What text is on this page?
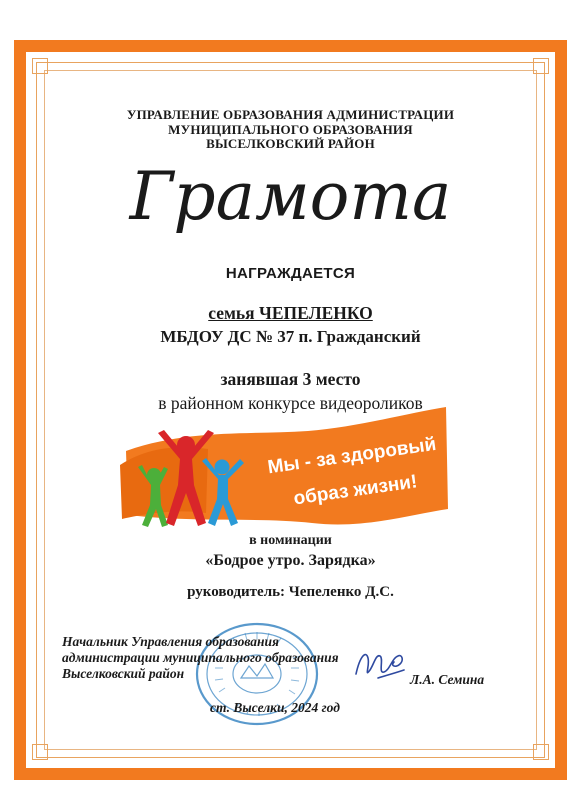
УПРАВЛЕНИЕ ОБРАЗОВАНИЯ АДМИНИСТРАЦИИ
МУНИЦИПАЛЬНОГО ОБРАЗОВАНИЯ
ВЫСЕЛКОВСКИЙ РАЙОН
Грамота
НАГРАЖДАЕТСЯ
семья ЧЕПЕЛЕНКО
МБДОУ ДС № 37 п. Гражданский
занявшая 3 место
в районном конкурсе видеороликов
Мы - за здоровый
образ жизни!
в номинации
«Бодрое утро. Зарядка»
руководитель: Чепеленко Д.С.
Начальник Управления образования
администрации муниципального образования
Выселковский район	Л.А. Семина
ст. Выселки, 2024 год
